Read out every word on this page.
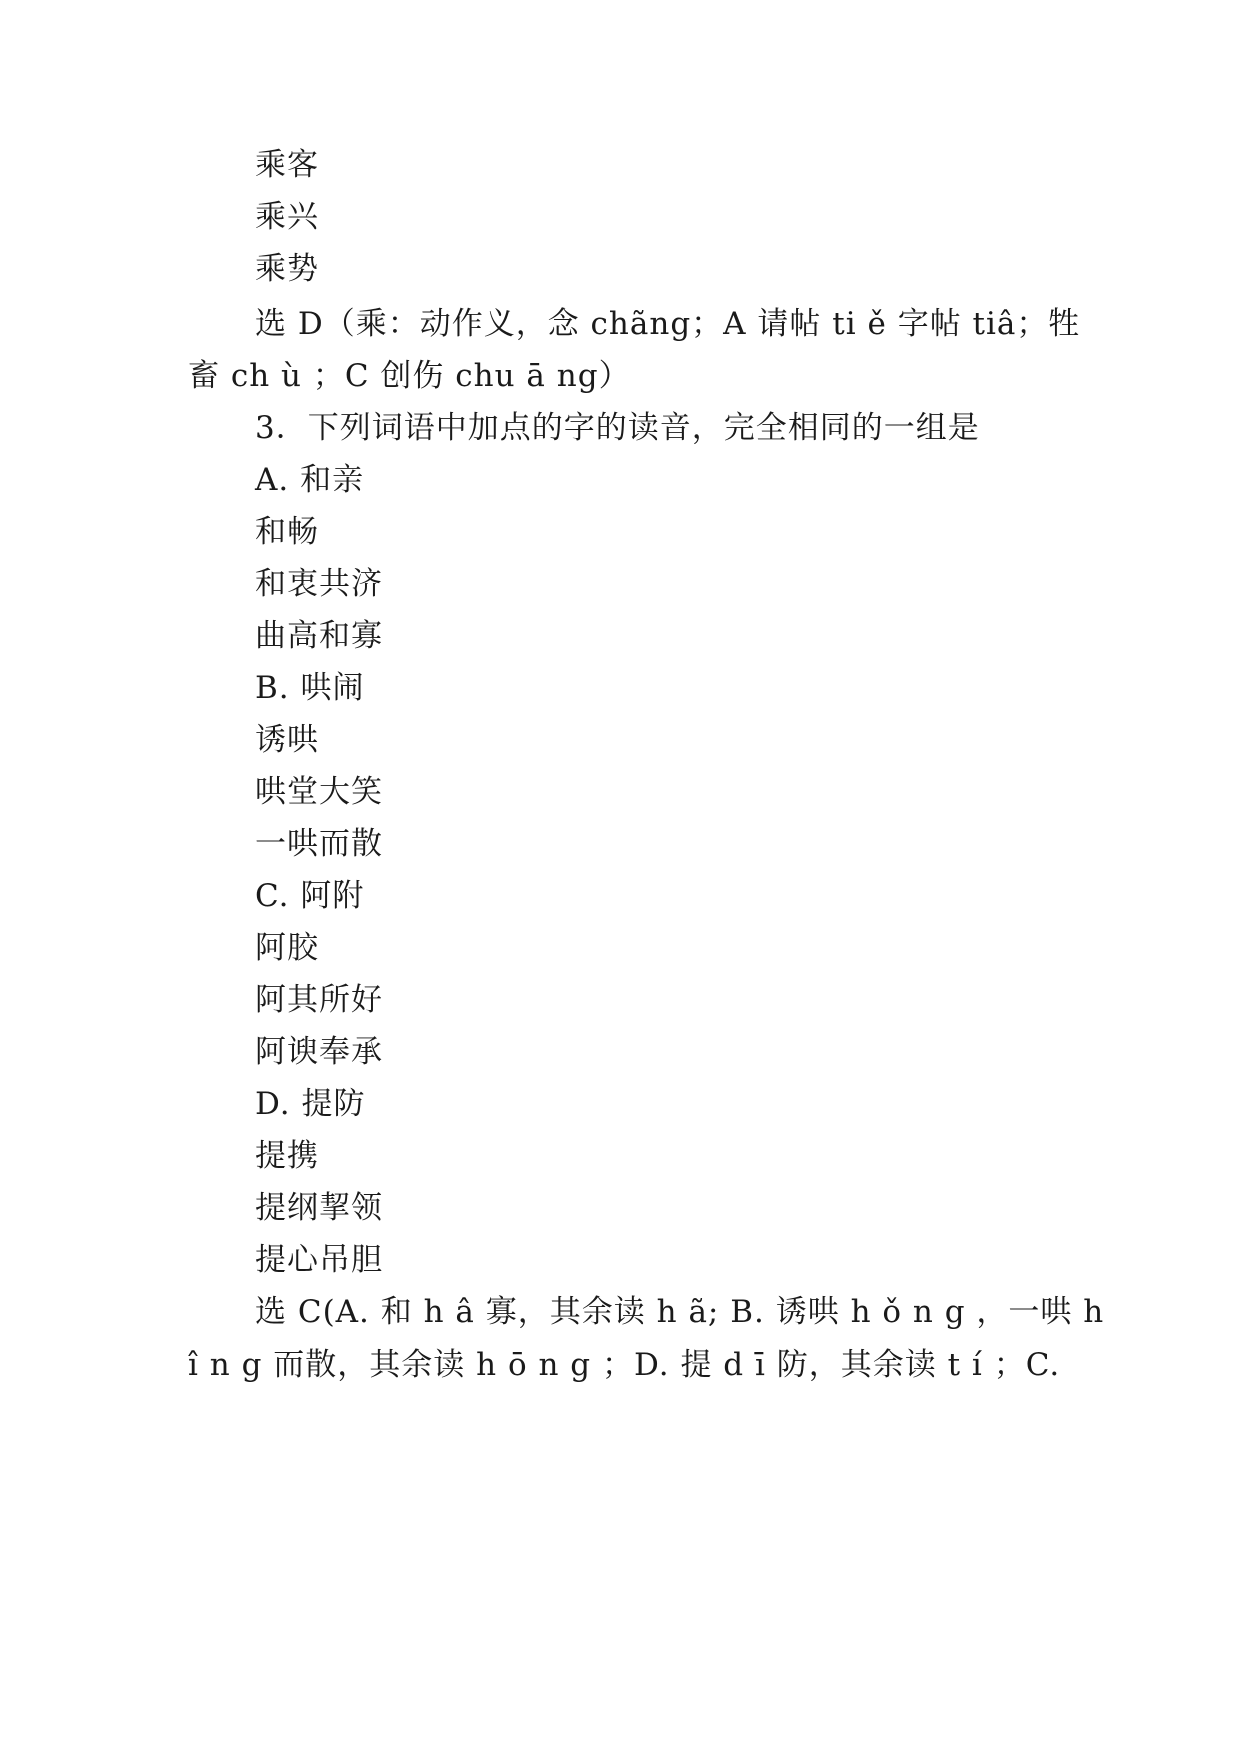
乘客
乘兴
乘势
选 D（乘：动作义，念 chãng；A 请帖 ti ě 字帖 tiâ；牲
畜 ch ù ；C 创伤 chu ā ng）
3．下列词语中加点的字的读音，完全相同的一组是
A. 和亲
和畅
和衷共济
曲高和寡
B. 哄闹
诱哄
哄堂大笑
一哄而散
C. 阿附
阿胶
阿其所好
阿谀奉承
D. 提防
提携
提纲挈领
提心吊胆
选 C(A. 和 h â 寡，其余读 h ã; B. 诱哄 h ǒ n g ，一哄 h
î n g 而散，其余读 h ō n g ；D. 提 d ī 防，其余读 t í ；C.
